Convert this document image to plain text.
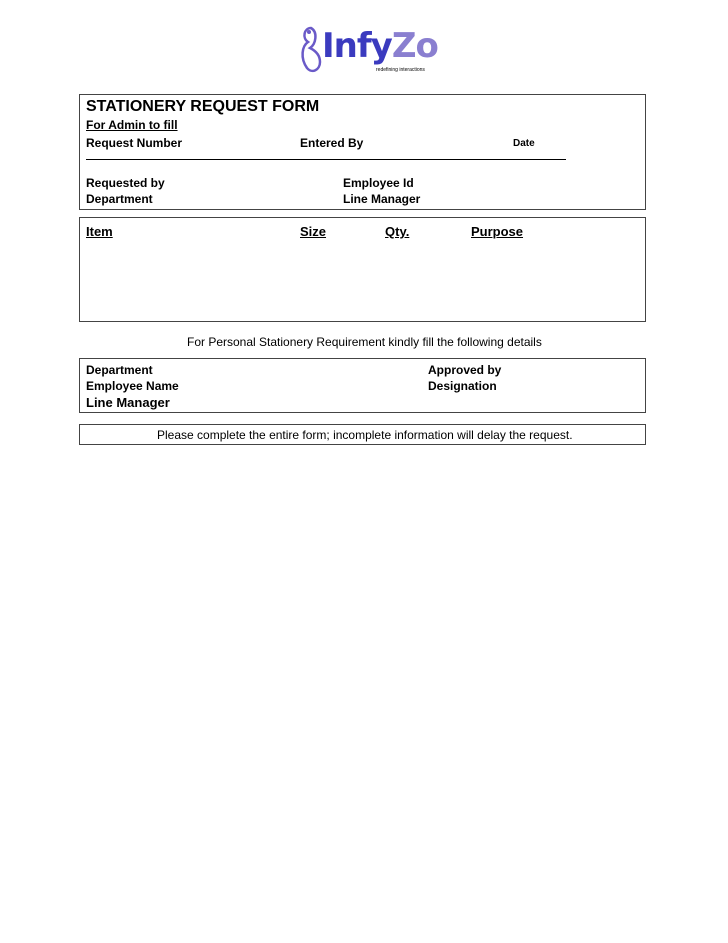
InfyZo
redefining interactions
STATIONERY REQUEST FORM
For Admin to fill
Request Number	Entered By	Date
Requested by	Employee Id
Department	Line Manager
Item	Size	Qty.	Purpose
For Personal Stationery Requirement kindly fill the following details
Department	Approved by
Employee Name	Designation
Line Manager
Please complete the entire form; incomplete information will delay the request.
